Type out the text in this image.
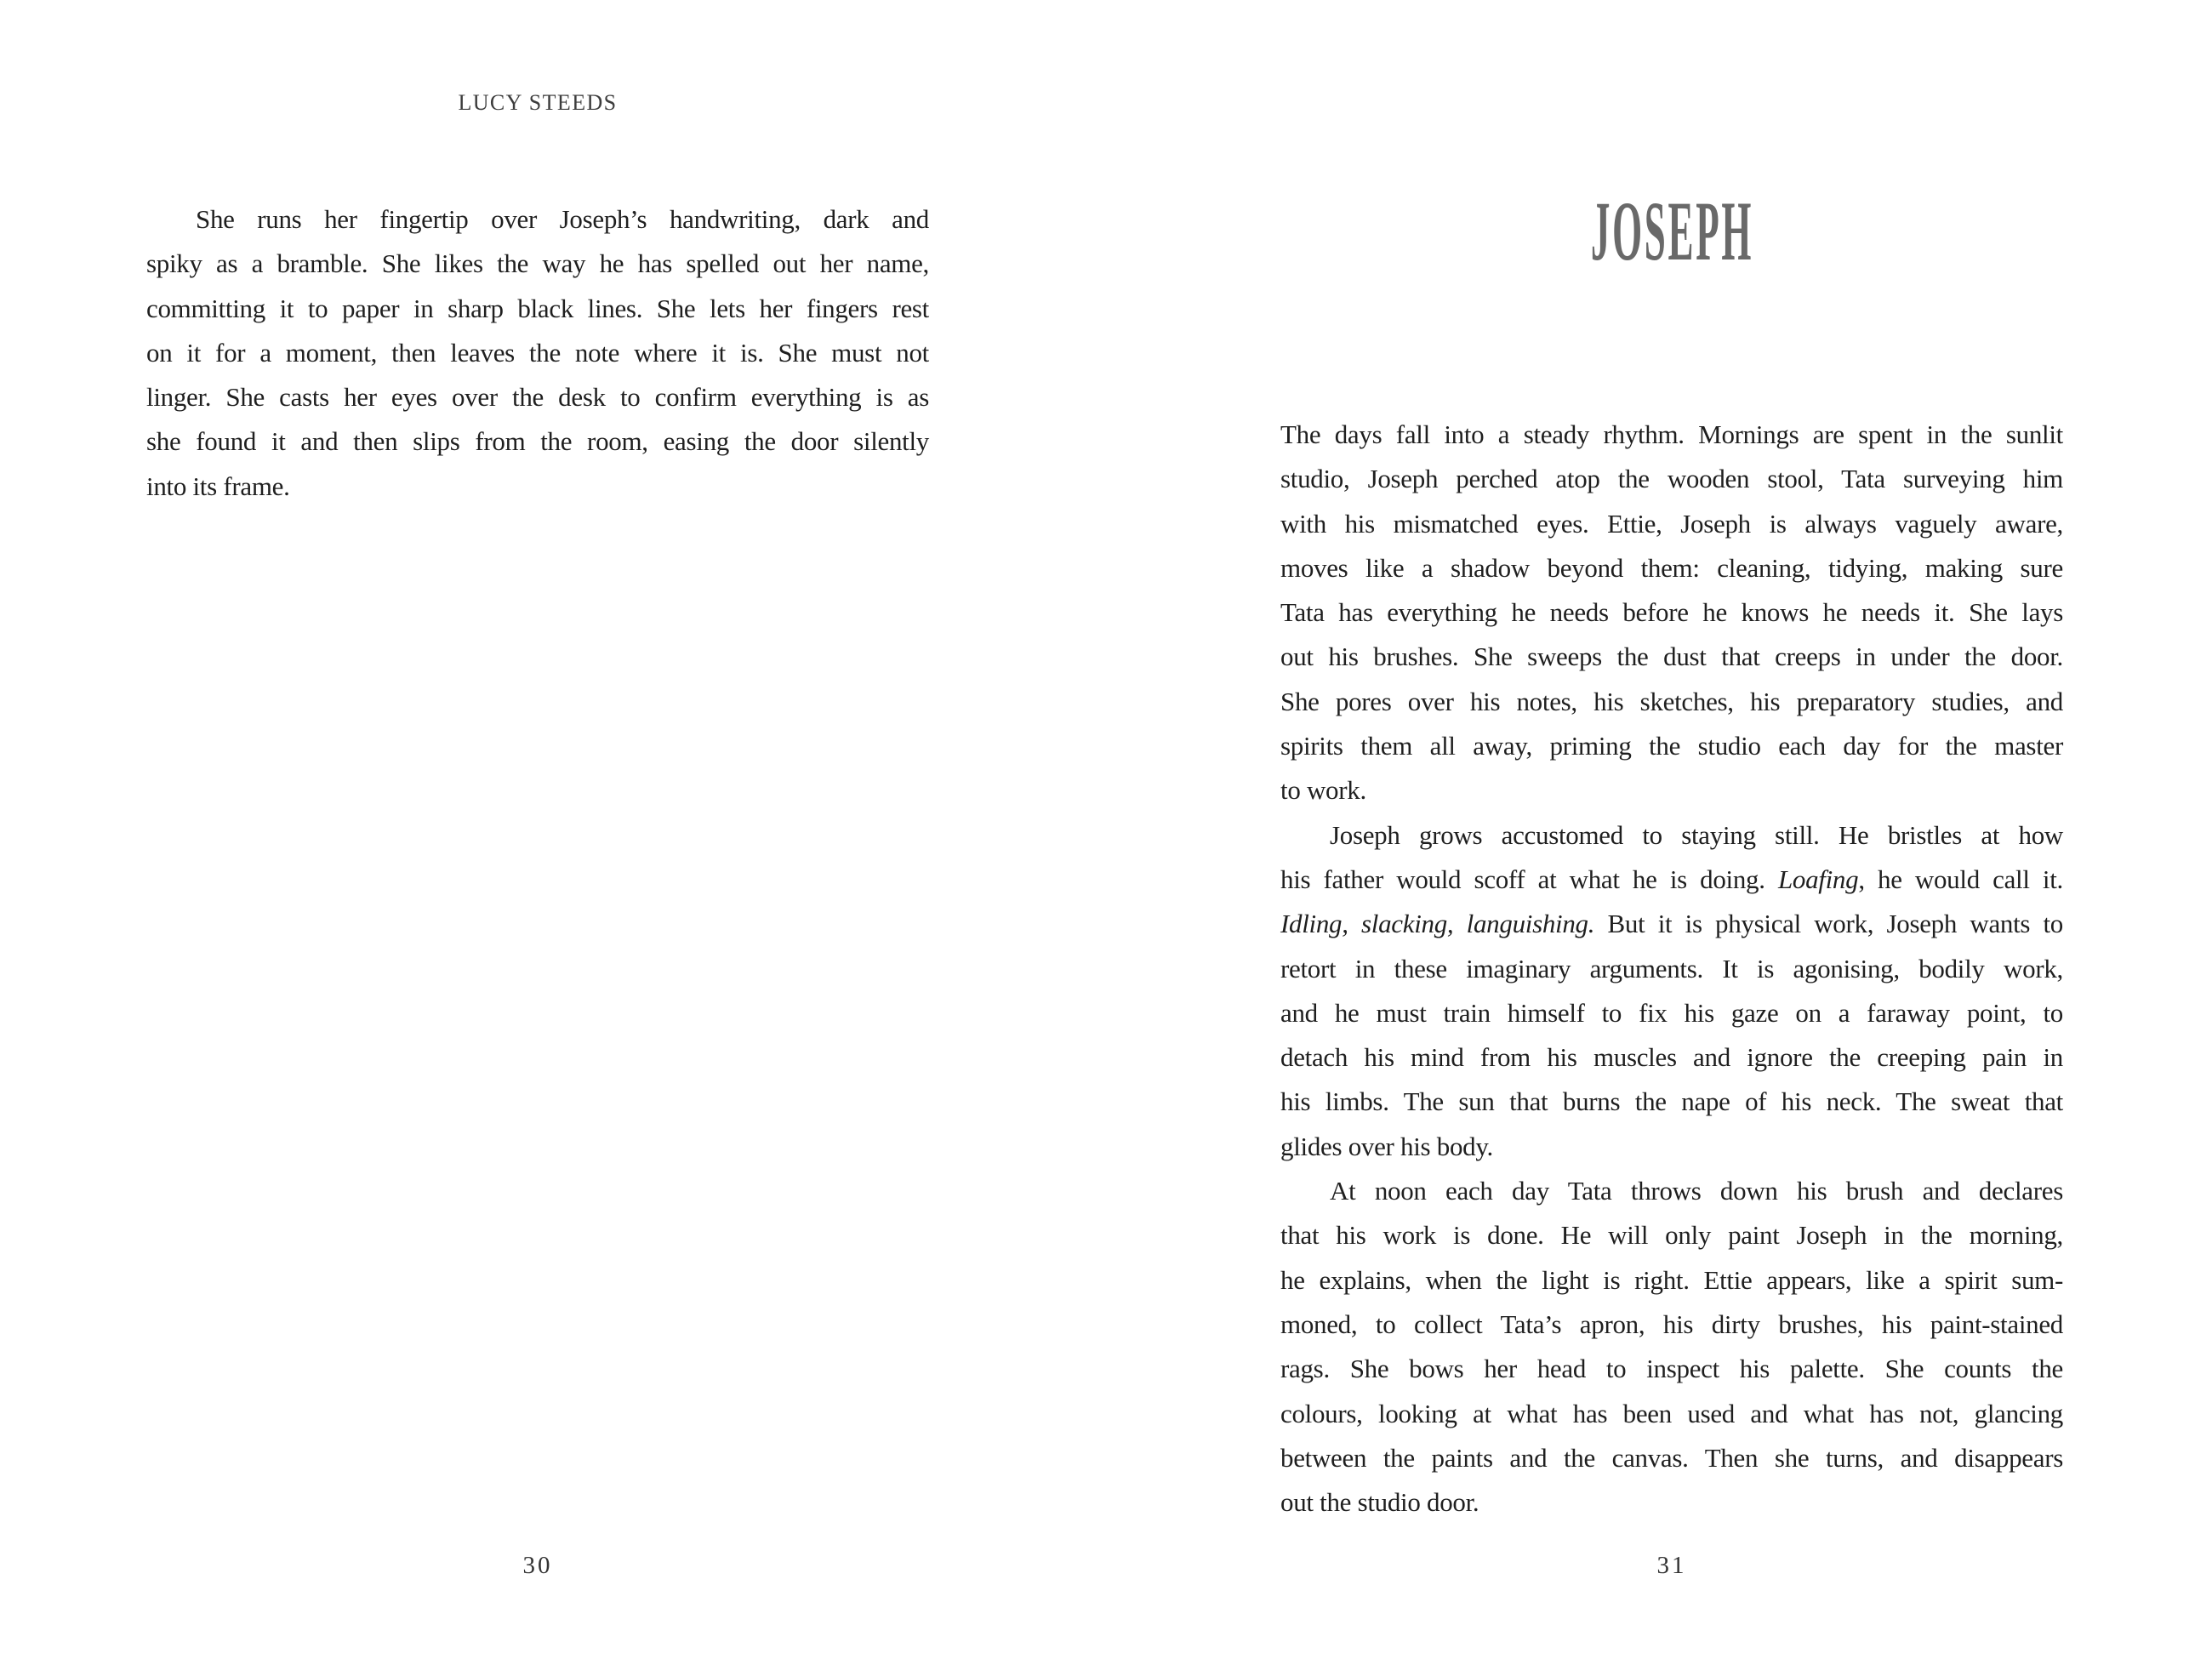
LUCY STEEDS
She runs her fingertip over Joseph’s handwriting, dark and
spiky as a bramble. She likes the way he has spelled out her name,
committing it to paper in sharp black lines. She lets her fingers rest
on it for a moment, then leaves the note where it is. She must not
linger. She casts her eyes over the desk to confirm everything is as
she found it and then slips from the room, easing the door silently
into its frame.
30
JOSEPH
The days fall into a steady rhythm. Mornings are spent in the sunlit
studio, Joseph perched atop the wooden stool, Tata surveying him
with his mismatched eyes. Ettie, Joseph is always vaguely aware,
moves like a shadow beyond them: cleaning, tidying, making sure
Tata has everything he needs before he knows he needs it. She lays
out his brushes. She sweeps the dust that creeps in under the door.
She pores over his notes, his sketches, his preparatory studies, and
spirits them all away, priming the studio each day for the master
to work.
Joseph grows accustomed to staying still. He bristles at how
his father would scoff at what he is doing. Loafing, he would call it.
Idling, slacking, languishing. But it is physical work, Joseph wants to
retort in these imaginary arguments. It is agonising, bodily work,
and he must train himself to fix his gaze on a faraway point, to
detach his mind from his muscles and ignore the creeping pain in
his limbs. The sun that burns the nape of his neck. The sweat that
glides over his body.
At noon each day Tata throws down his brush and declares
that his work is done. He will only paint Joseph in the morning,
he explains, when the light is right. Ettie appears, like a spirit sum-
moned, to collect Tata’s apron, his dirty brushes, his paint-stained
rags. She bows her head to inspect his palette. She counts the
colours, looking at what has been used and what has not, glancing
between the paints and the canvas. Then she turns, and disappears
out the studio door.
31
